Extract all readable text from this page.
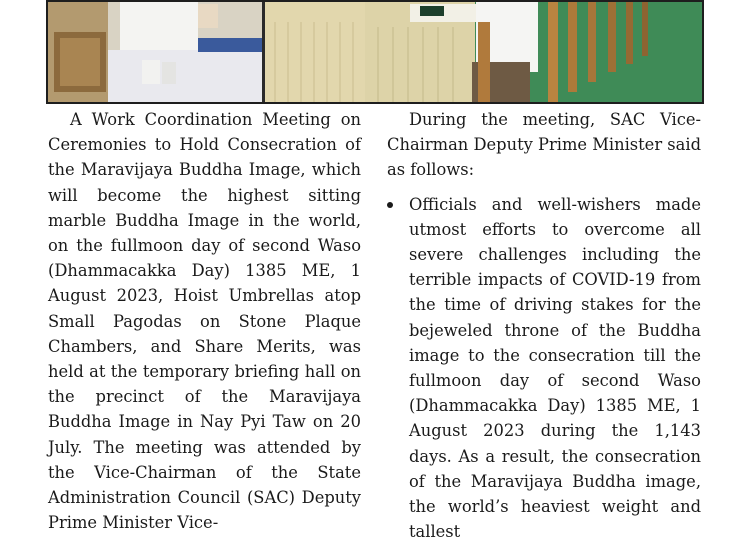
A Work Coordination Meeting on Ceremonies to Hold Consecration of the Maravijaya Buddha Image, which will become the highest sitting marble Buddha Image in the world, on the fullmoon day of second Waso (Dhammacakka Day) 1385 ME, 1 August 2023, Hoist Umbrellas atop Small Pagodas on Stone Plaque Chambers, and Share Merits, was held at the temporary briefing hall on the precinct of the Maravijaya Buddha Image in Nay Pyi Taw on 20 July. The meeting was attended by the Vice-Chairman of the State Administration Council (SAC) Deputy Prime Minister Vice-

During the meeting, SAC Vice-Chairman Deputy Prime Minister said as follows:

Officials and well-wishers made utmost efforts to overcome all severe challenges including the terrible impacts of COVID-19 from the time of driving stakes for the bejeweled throne of the Buddha image to the consecration till the fullmoon day of second Waso (Dhammacakka Day) 1385 ME, 1 August 2023 during the 1,143 days. As a result, the consecration of the Maravijaya Buddha image, the world’s heaviest weight and tallest
